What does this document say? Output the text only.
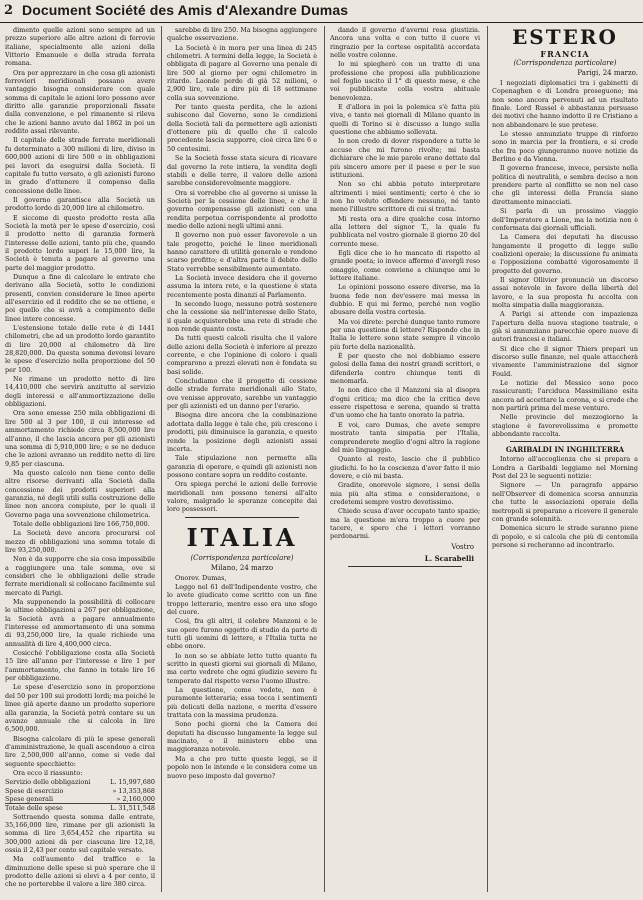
2 Document Société des Amis d'Alexandre Dumas

dimento quelle azioni sono sempre ad un prezzo superiore alle altre azioni di ferrovie italiane, specialmente alle azioni della Vittorio Emanuele e della strada ferrata romana.

Ora per apprezzare in che cosa gli azionisti ferrovieri meridionali possano avere vantaggio bisogna considerare con quale somma di capitale le azioni loro possono aver diritto alle garanzie proporzionali fissate dalla convenzione, e pel rimanente si rileva che le azioni hanno avuto dal 1862 in poi un reddito assai rilevante.

Il capitale delle strade ferrate meridionali fu determinato a 300 milioni di lire, diviso in 600,000 azioni di lire 500 e in obbligazioni pei lavori da eseguirsi dalla Società. Il capitale fu tutto versato, e gli azionisti furono in grado d'ottenere il compenso dalla concessione delle linee.

Il governo garantisce alla Società un prodotto lordo di 20,000 lire al chilometro.

E siccome di questo prodotto resta alla Società la metà per le spese d'esercizio, così il prodotto netto di garanzia formerà l'interesse delle azioni, tanto più che, quando il prodotto lordo superi le 15,000 lire, la Società è tenuta a pagare al governo una parte del maggior prodotto.

Dunque a fine di calcolare le entrate che derivano alla Società, sotto le condizioni presenti, convien considerare le linee aperte all'esercizio ed il reddito che se ne ottiene, e poi quello che si avrà a compimento delle linee intere concesse.

L'estensione totale delle rete è di 1441 chilometri, che ad un prodotto lordo garantito di lire 20,000 al chilometro dà lire 28,820,000. Da questa somma devonsi levare le spese d'esercizio nella proporzione del 50 per 100.

Ne rimane un prodotto netto di lire 14,410,000 che servirà anzitutto al servizio degli interessi e all'ammortizzazione delle obbligazioni.

Ora sono emesse 250 mila obbligazioni di lire 500 al 3 per 100, il cui interesse ed ammortamento richiede circa 8,500,000 lire all'anno, il che lascia ancora per gli azionisti una somma di 5,910,000 lire; e se ne deduce che le azioni avranno un reddito netto di lire 9,85 per ciascuna.

Ma questo calcolo non tiene conto delle altre risorse derivanti alla Società dalla concessione dei prodotti superiori alla garanzia, né degli utili sulla costruzione delle linee non ancora compiute, per le quali il Governo paga una sovvenzione chilometrica.

Totale delle obbligazioni lire 166,750,000.

La Società deve ancora procurarsi col mezzo di obbligazioni una somma totale di lire 93,250,000.

Non è da supporre che sia cosa impossibile a raggiungere una tale somma, ove si consideri che le obbligazioni delle strade ferrate meridionali si collocano facilmente sul mercato di Parigi.

Ma supponendo la possibilità di collocare le ultime obbligazioni a 267 per obbligazione, la Società avrà a pagare annualmente l'interesse ed ammortamento di una somma di 93,250,000 lire, la quale richiede una annualità di lire 4,400,000 circa.

Cosicché l'obbligazione costa alla Società 15 lire all'anno per l'interesse e lire 1 per l'ammortamento, che fanno in totale lire 16 per obbligazione.

Le spese d'esercizio sono in proporzione del 50 per 100 sui prodotti lordi; ma poiché le linee già aperte danno un prodotto superiore alla garanzia, la Società potrà contare su un avanzo annuale che si calcola in lire 6,500,000.

Bisogna calcolare di più le spese generali d'amministrazione, le quali ascendono a circa lire 2,500,000 all'anno, come si vede dal seguente specchietto:

Ora ecco il riassunto:

Servizio delle obbligazioni	L. 15,997,680
Spese di esercizio	» 13,353,868
Spese generali	» 2,160,000
Totale delle spese	L. 31,511,548

Sottraendo questa somma dalle entrate, 35,166,000 lire, rimane per gli azionisti la somma di lire 3,654,452 che ripartita su 300,000 azioni dà per ciascuna lire 12,18, ossia il 2,43 per cento sul capitale versato.

Ma coll'aumento del traffico e la diminuzione delle spese si può sperare che il prodotto delle azioni si elevi a 4 per cento, il che ne porterebbe il valore a lire 380 circa.

sarebbe di lire 250. Ma bisogna aggiungere qualche osservazione.

La Società è in mora per una linea di 245 chilometri. A termini della legge, la Società è obbligata di pagare al Governo una penale di lire 500 al giorno per ogni chilometro in ritardo. Laonde perde di già 52 milioni, o 2,900 lire, vale a dire più di 18 settimane colla sua sovvenzione.

Per tanto questa perdita, che le azioni subiscono dal Governo, sono le condizioni della Società tali da permettere agli azionisti d'ottenere più di quello che il calcolo precedente lascia supporre, cioè circa lire 6 e 50 centesimi.

Se la Società fosse stata sicura di ricavare dal governo la rete intiera, la vendita degli stabili e delle terre, il valore delle azioni sarebbe considerevolmente maggiore.

Ora si vorrebbe che al governo si unisse la Società per la cessione delle linee, e che il governo compensasse gli azionisti con una rendita perpetua corrispondente al prodotto medio delle azioni negli ultimi anni.

Il governo non può esser favorevole a un tale progetto, poiché le linee meridionali hanno carattere di utilità generale e rendono scarso profitto; e d'altra parte il debito dello Stato verrebbe sensibilmente aumentato.

La Società invece desidera che il governo assuma la intera rete, e la questione è stata recentemente posta dinanzi al Parlamento.

In secondo luogo, nessuno potrà sostenere che la cessione sia nell'interesse dello Stato, il quale acquisterebbe una rete di strade che non rende quanto costa.

Da tutti questi calcoli risulta che il valore delle azioni della Società è inferiore al prezzo corrente, e che l'opinione di coloro i quali comprarono a prezzi elevati non è fondata su basi solide.

Concludiamo che il progetto di cessione delle strade ferrate meridionali allo Stato, ove venisse approvato, sarebbe un vantaggio per gli azionisti ed un danno per l'erario.

Bisogna dire ancora che la combinazione adottata dalla legge è tale che, più crescono i prodotti, più diminuisce la garanzia, e questo rende la posizione degli azionisti assai incerta.

Tale stipulazione non permette alla garanzia di operare, e quindi gli azionisti non possono contare sopra un reddito costante.

Ora spiega perché le azioni delle ferrovie meridionali non possono tenersi all'alto valore, malgrado le speranze concepite dai loro possessori.

ITALIA
(Corrispondenza particolare)
Milano, 24 marzo

Onorev. Dumas,

Leggo nel 61 dell'Indipendente vostro, che lo avete giudicato come scritto con un fine troppo letterario, mentre esso era uno sfogo del cuore.

Così, fra gli altri, il celebre Manzoni e le sue opere furono oggetto di studio da parte di tutti gli uomini di lettere, e l'Italia tutta ne ebbe onore.

Io non so se abbiate letto tutto quanto fu scritto in questi giorni sui giornali di Milano, ma certo vedrete che ogni giudizio severo fu temperato dal rispetto verso l'uomo illustre.

La questione, come vedete, non è puramente letteraria; essa tocca i sentimenti più delicati della nazione, e merita d'essere trattata con la massima prudenza.

Sono pochi giorni che la Camera dei deputati ha discusso lungamente la legge sul macinato, e il ministero ebbe una maggioranza notevole.

Ma a che pro tutte queste leggi, se il popolo non le intende e le considera come un nuovo peso imposto dal governo?

dando il governo d'avermi resa giustizia. Ancora una volta e con tutto il cuore vi ringrazio per la cortese ospitalità accordata nelle vostre colonne.

Io mi spiegherò con un tratto di una professione che proposi alla pubblicazione nel foglio uscito il 1° di questo mese, e che voi pubblicaste colla vostra abituale benevolenza.

E d'allora in poi la polemica s'è fatta più viva, e tanto nei giornali di Milano quanto in quelli di Torino si è discusso a lungo sulla questione che abbiamo sollevata.

Io non credo di dover rispondere a tutte le accuse che mi furono rivolte; mi basta dichiarare che le mie parole erano dettate dal più sincero amore per il paese e per le sue istituzioni.

Non so chi abbia potuto interpretare altrimenti i miei sentimenti; certo è che io non ho voluto offendere nessuno, né tanto meno l'illustre scrittore di cui si tratta.

Mi resta ora a dire qualche cosa intorno alla lettera del signor T., la quale fu pubblicata nel vostro giornale il giorno 20 del corrente mese.

Egli dice che io ho mancato di rispetto al grande poeta; io invece affermo d'avergli reso omaggio, come conviene a chiunque ami le lettere italiane.

Le opinioni possono essere diverse, ma la buona fede non dev'essere mai messa in dubbio. E qui mi fermo, perché non voglio abusare della vostra cortesia.

Ma voi direte: perché dunque tanto rumore per una questione di lettere? Rispondo che in Italia le lettere sono state sempre il vincolo più forte della nazionalità.

È per questo che noi dobbiamo essere gelosi della fama dei nostri grandi scrittori, e difenderla contro chiunque tenti di menomarla.

Io non dico che il Manzoni sia al disopra d'ogni critica; ma dico che la critica deve essere rispettosa e serena, quando si tratta d'un uomo che ha tanto onorato la patria.

E voi, caro Dumas, che avete sempre mostrato tanta simpatia per l'Italia, comprenderete meglio d'ogni altro la ragione del mio linguaggio.

Quanto al resto, lascio che il pubblico giudichi. Io ho la coscienza d'aver fatto il mio dovere, e ciò mi basta.

Gradite, onorevole signore, i sensi della mia più alta stima e considerazione, e credetemi sempre vostro devotissimo.

Chiedo scusa d'aver occupato tanto spazio; ma la questione m'era troppo a cuore per tacere, e spero che i lettori vorranno perdonarmi.

Vostro
L. Scarabelli
ESTERO
FRANCIA
(Corrispondenza particolare)
Parigi, 24 marzo.

I negoziati diplomatici tra i gabinetti di Copenaghen e di Londra proseguono; ma non sono ancora pervenuti ad un risultato finale. Lord Russel è abbastanza persuaso dei motivi che hanno indotto il re Cristiano a non abbandonare le sue pretese.

Le stesse annunziate truppe di rinforzo sono in marcia per la frontiera, e si crede che fra poco giungeranno nuove notizie da Berlino e da Vienna.

Il governo francese, invece, persiste nella politica di neutralità, e sembra deciso a non prendere parte al conflitto se non nel caso che gli interessi della Francia siano direttamente minacciati.

Si parla di un prossimo viaggio dell'Imperatore a Lione, ma la notizia non è confermata dai giornali ufficiali.

La Camera dei deputati ha discusso lungamente il progetto di legge sulle coalizioni operaie; la discussione fu animata e l'opposizione combatté vigorosamente il progetto del governo.

Il signor Ollivier pronunciò un discorso assai notevole in favore della libertà del lavoro, e la sua proposta fu accolta con molta simpatia dalla maggioranza.

A Parigi si attende con impazienza l'apertura della nuova stagione teatrale, e già si annunziano parecchie opere nuove di autori francesi e italiani.

Si dice che il signor Thiers prepari un discorso sulle finanze, nel quale attaccherà vivamente l'amministrazione del signor Fould.

Le notizie del Messico sono poco rassicuranti; l'arciduca Massimiliano esita ancora ad accettare la corona, e si crede che non partirà prima del mese venturo.

Nelle provincie del mezzogiorno la stagione è favorevolissima e promette abbondante raccolta.

GARIBALDI IN INGHILTERRA

Intorno all'accoglienza che si prepara a Londra a Garibaldi leggiamo nel Morning Post del 23 le seguenti notizie:

Signore — Un paragrafo apparso nell'Observer di domenica scorsa annunzia che tutte le associazioni operaie della metropoli si preparano a ricevere il generale con grande solennità.

Domenica sicuro le strade saranno piene di popolo, e si calcola che più di centomila persone si recheranno ad incontrarlo.
